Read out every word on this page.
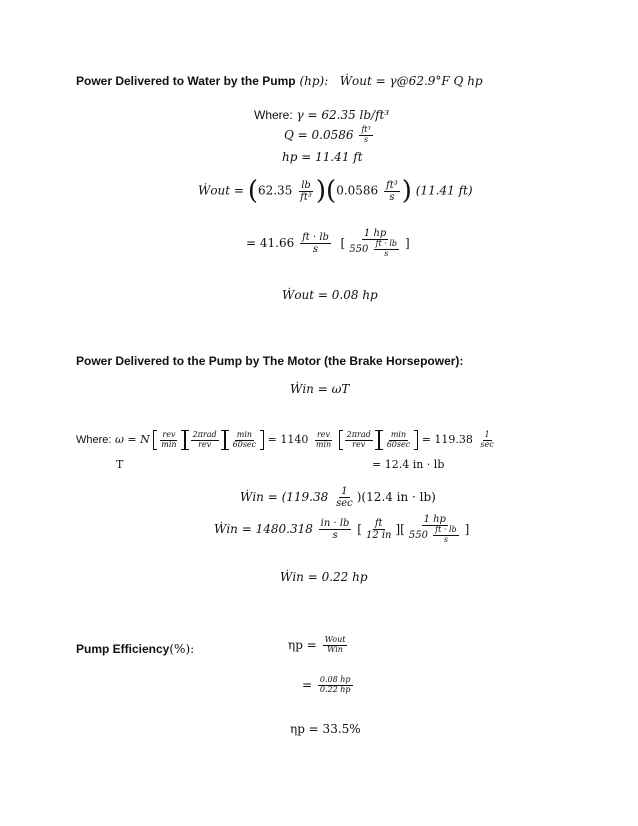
Power Delivered to Water by the Pump (hp): Ẇout = γ@62.9°F Q hp
Where: γ = 62.35 lb/ft³
$Q = 0.0586 \frac{\text{ft³}}{s}$
hp = 11.41 ft
Ẇout = $(62.35 \frac{lb}{\text{ft³}} )(0.0586 \frac{\text{ft³}}{s}$ ) (11.41 ft)
= $41.66 \frac{ft \cdot lb}{s}$ [ $\frac{1 hp}{550 \frac{ft \cdot lb}{s}}$ ]
Ẇout = 0.08 hp
Power Delivered to the Pump by The Motor (the Brake Horsepower):
Ẇin = ωT
Where: ω = N $\frac{\text{rev}}{\min} \frac{\text{2πrad}}{\text{rev}} \frac{\min}{60\sec} = 1140 \frac{\text{rev}}{\min}$
$\frac{\text{2πrad}}{\text{rev}} \frac{\min}{60\sec} = 119.38 \frac{1}{\sec}$
T	= 12.4 in · lb
Ẇin = $(119.38 \frac{1}{\sec} )(12.4$ in · lb)
Ẇin = $1480.318 \frac{in \cdot lb}{s}$ [ $\frac{ft}{12 in}$ ][ $\frac{1 hp}{550 \frac{ft \cdot lb}{s}}$ ]
Ẇin = 0.22 hp
Pump Efficiency(%):	$\eta p = \frac{\text{Wout}}{\text{Win}}$
= $\frac{0.08 hp}{0.22 hp}$
ηp = 33.5%
